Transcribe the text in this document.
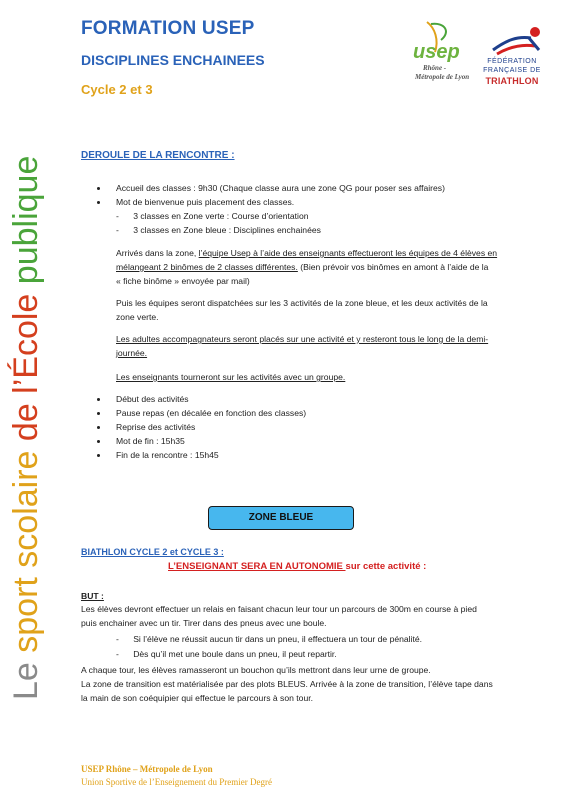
Le sport scolaire de l’École publique
FORMATION USEP
DISCIPLINES ENCHAINEES
Cycle 2 et 3
usep
Rhône -
Métropole de Lyon
FÉDÉRATION
FRANÇAISE DE
TRIATHLON
DEROULE DE LA RENCONTRE :
Accueil des classes : 9h30 (Chaque classe aura une zone QG pour poser ses affaires)
Mot de bienvenue puis placement des classes.
-      3 classes en Zone verte : Course d’orientation
-      3 classes en Zone bleue : Disciplines enchainées
Arrivés dans la zone, l’équipe Usep à l’aide des enseignants effectueront les équipes de 4 élèves en
mélangeant 2 binômes de 2 classes différentes. (Bien prévoir vos binômes en amont à l’aide de la
« fiche binôme » envoyée par mail)
Puis les équipes seront dispatchées sur les 3 activités de la zone bleue, et les deux activités de la
zone verte.
Les adultes accompagnateurs seront placés sur une activité et y resteront tous le long de la demi-
journée.
Les enseignants tourneront sur les activités avec un groupe.
Début des activités
Pause repas (en décalée en fonction des classes)
Reprise des activités
Mot de fin : 15h35
Fin de la rencontre : 15h45
ZONE BLEUE
BIATHLON CYCLE 2 et CYCLE 3 :
L’ENSEIGNANT SERA EN AUTONOMIE sur cette activité :
BUT :
Les élèves devront effectuer un relais en faisant chacun leur tour un parcours de 300m en course à pied
puis enchainer avec un tir. Tirer dans des pneus avec une boule.
-      Si l’élève ne réussit aucun tir dans un pneu, il effectuera un tour de pénalité.
-      Dès qu’il met une boule dans un pneu, il peut repartir.
A chaque tour, les élèves ramasseront un bouchon qu’ils mettront dans leur urne de groupe.
La zone de transition est matérialisée par des plots BLEUS. Arrivée à la zone de transition, l’élève tape dans
la main de son coéquipier qui effectue le parcours à son tour.
USEP Rhône – Métropole de Lyon
Union Sportive de l’Enseignement du Premier Degré
